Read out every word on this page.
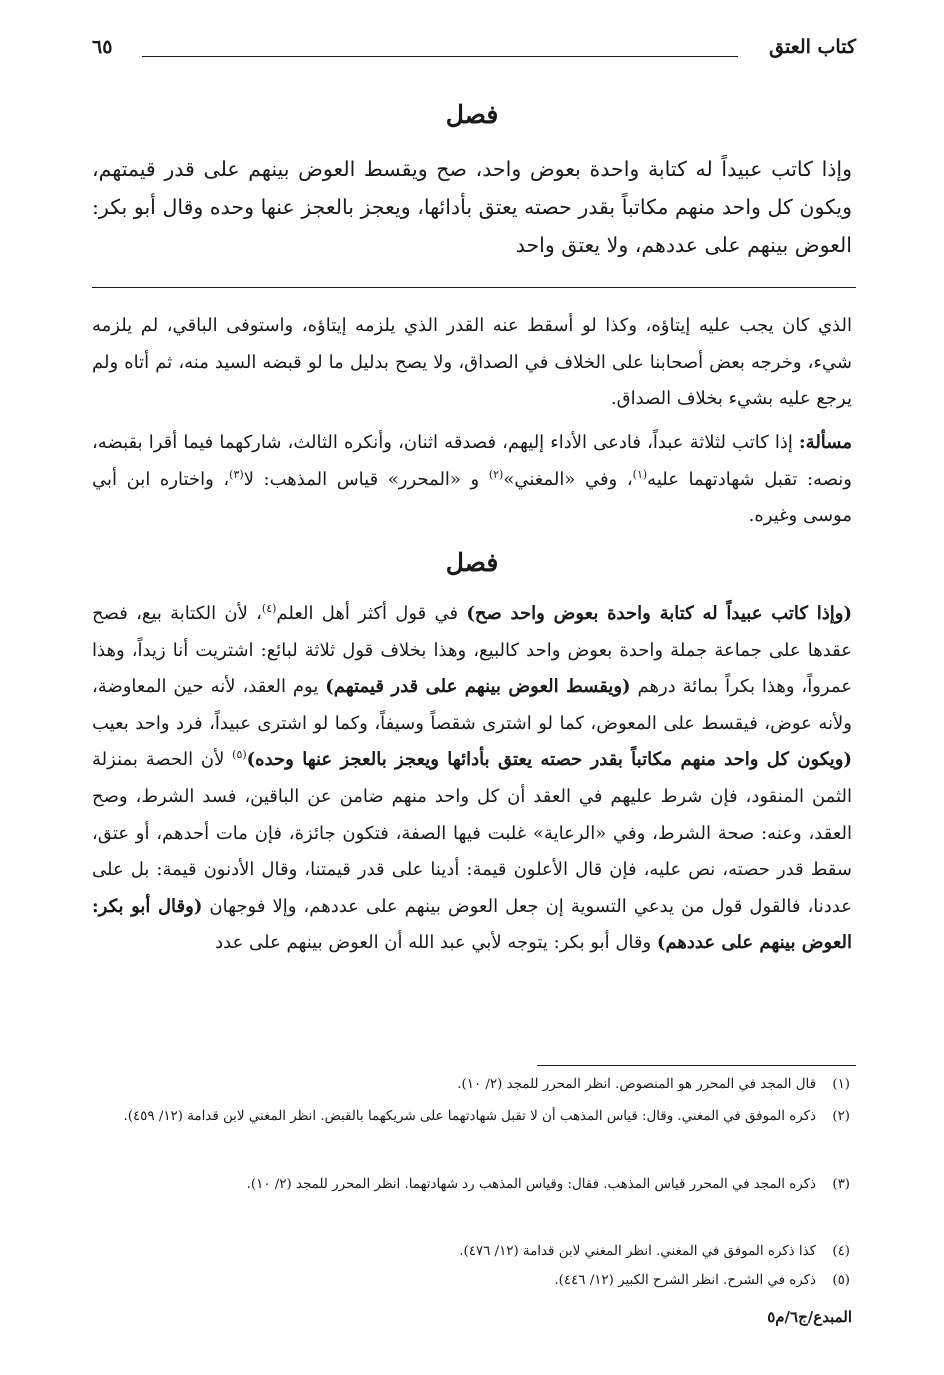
كتاب العتق
٦٥
فصل
وإذا كاتب عبيداً له كتابة واحدة بعوض واحد، صح ويقسط العوض بينهم على قدر قيمتهم، ويكون كل واحد منهم مكاتباً بقدر حصته يعتق بأدائها، ويعجز بالعجز عنها وحده وقال أبو بكر: العوض بينهم على عددهم، ولا يعتق واحد
الذي كان يجب عليه إيتاؤه، وكذا لو أسقط عنه القدر الذي يلزمه إيتاؤه، واستوفى الباقي، لم يلزمه شيء، وخرجه بعض أصحابنا على الخلاف في الصداق، ولا يصح بدليل ما لو قبضه السيد منه، ثم أتاه ولم يرجع عليه بشيء بخلاف الصداق.
مسألة: إذا كاتب لثلاثة عبداً، فادعى الأداء إليهم، فصدقه اثنان، وأنكره الثالث، شاركهما فيما أقرا بقبضه، ونصه: تقبل شهادتهما عليه$^{(١)}$، وفي «المغني»$^{(٢)}$ و «المحرر» قياس المذهب: لا$^{(٣)}$، واختاره ابن أبي موسى وغيره.
فصل
(وإذا كاتب عبيداً له كتابة واحدة بعوض واحد صح) في قول أكثر أهل العلم$^{(٤)}$، لأن الكتابة بيع، فصح عقدها على جماعة جملة واحدة بعوض واحد كالبيع، وهذا بخلاف قول ثلاثة لبائع: اشتريت أنا زيداً، وهذا عمرواً، وهذا بكراً بمائة درهم (ويقسط العوض بينهم على قدر قيمتهم) يوم العقد، لأنه حين المعاوضة، ولأنه عوض، فيقسط على المعوض، كما لو اشترى شقصاً وسيفاً، وكما لو اشترى عبيداً، فرد واحد بعيب (ويكون كل واحد منهم مكاتباً بقدر حصته يعتق بأدائها ويعجز بالعجز عنها وحده)$^{(٥)}$ لأن الحصة بمنزلة الثمن المنقود، فإن شرط عليهم في العقد أن كل واحد منهم ضامن عن الباقين، فسد الشرط، وصح العقد، وعنه: صحة الشرط، وفي «الرعاية» غلبت فيها الصفة، فتكون جائزة، فإن مات أحدهم، أو عتق، سقط قدر حصته، نص عليه، فإن قال الأعلون قيمة: أدينا على قدر قيمتنا، وقال الأدنون قيمة: بل على عددنا، فالقول قول من يدعي التسوية إن جعل العوض بينهم على عددهم، وإلا فوجهان (وقال أبو بكر: العوض بينهم على عددهم) وقال أبو بكر: يتوجه لأبي عبد الله أن العوض بينهم على عدد
(١)
قال المجد في المحرر هو المنصوص. انظر المحرر للمجد (٢/ ١٠).
(٢)
ذكره الموفق في المغني. وقال: قياس المذهب أن لا تقبل شهادتهما على شريكهما بالقبض. انظر المغني لابن قدامة (١٢/ ٤٥٩).
(٣)
ذكره المجد في المحرر قياس المذهب. فقال: وقياس المذهب رد شهادتهما. انظر المحرر للمجد (٢/ ١٠).
(٤)
كذا ذكره الموفق في المغني. انظر المغني لابن قدامة (١٢/ ٤٧٦).
(٥)
ذكره في الشرح. انظر الشرح الكبير (١٢/ ٤٤٦).
المبدع/ج٦/م٥
